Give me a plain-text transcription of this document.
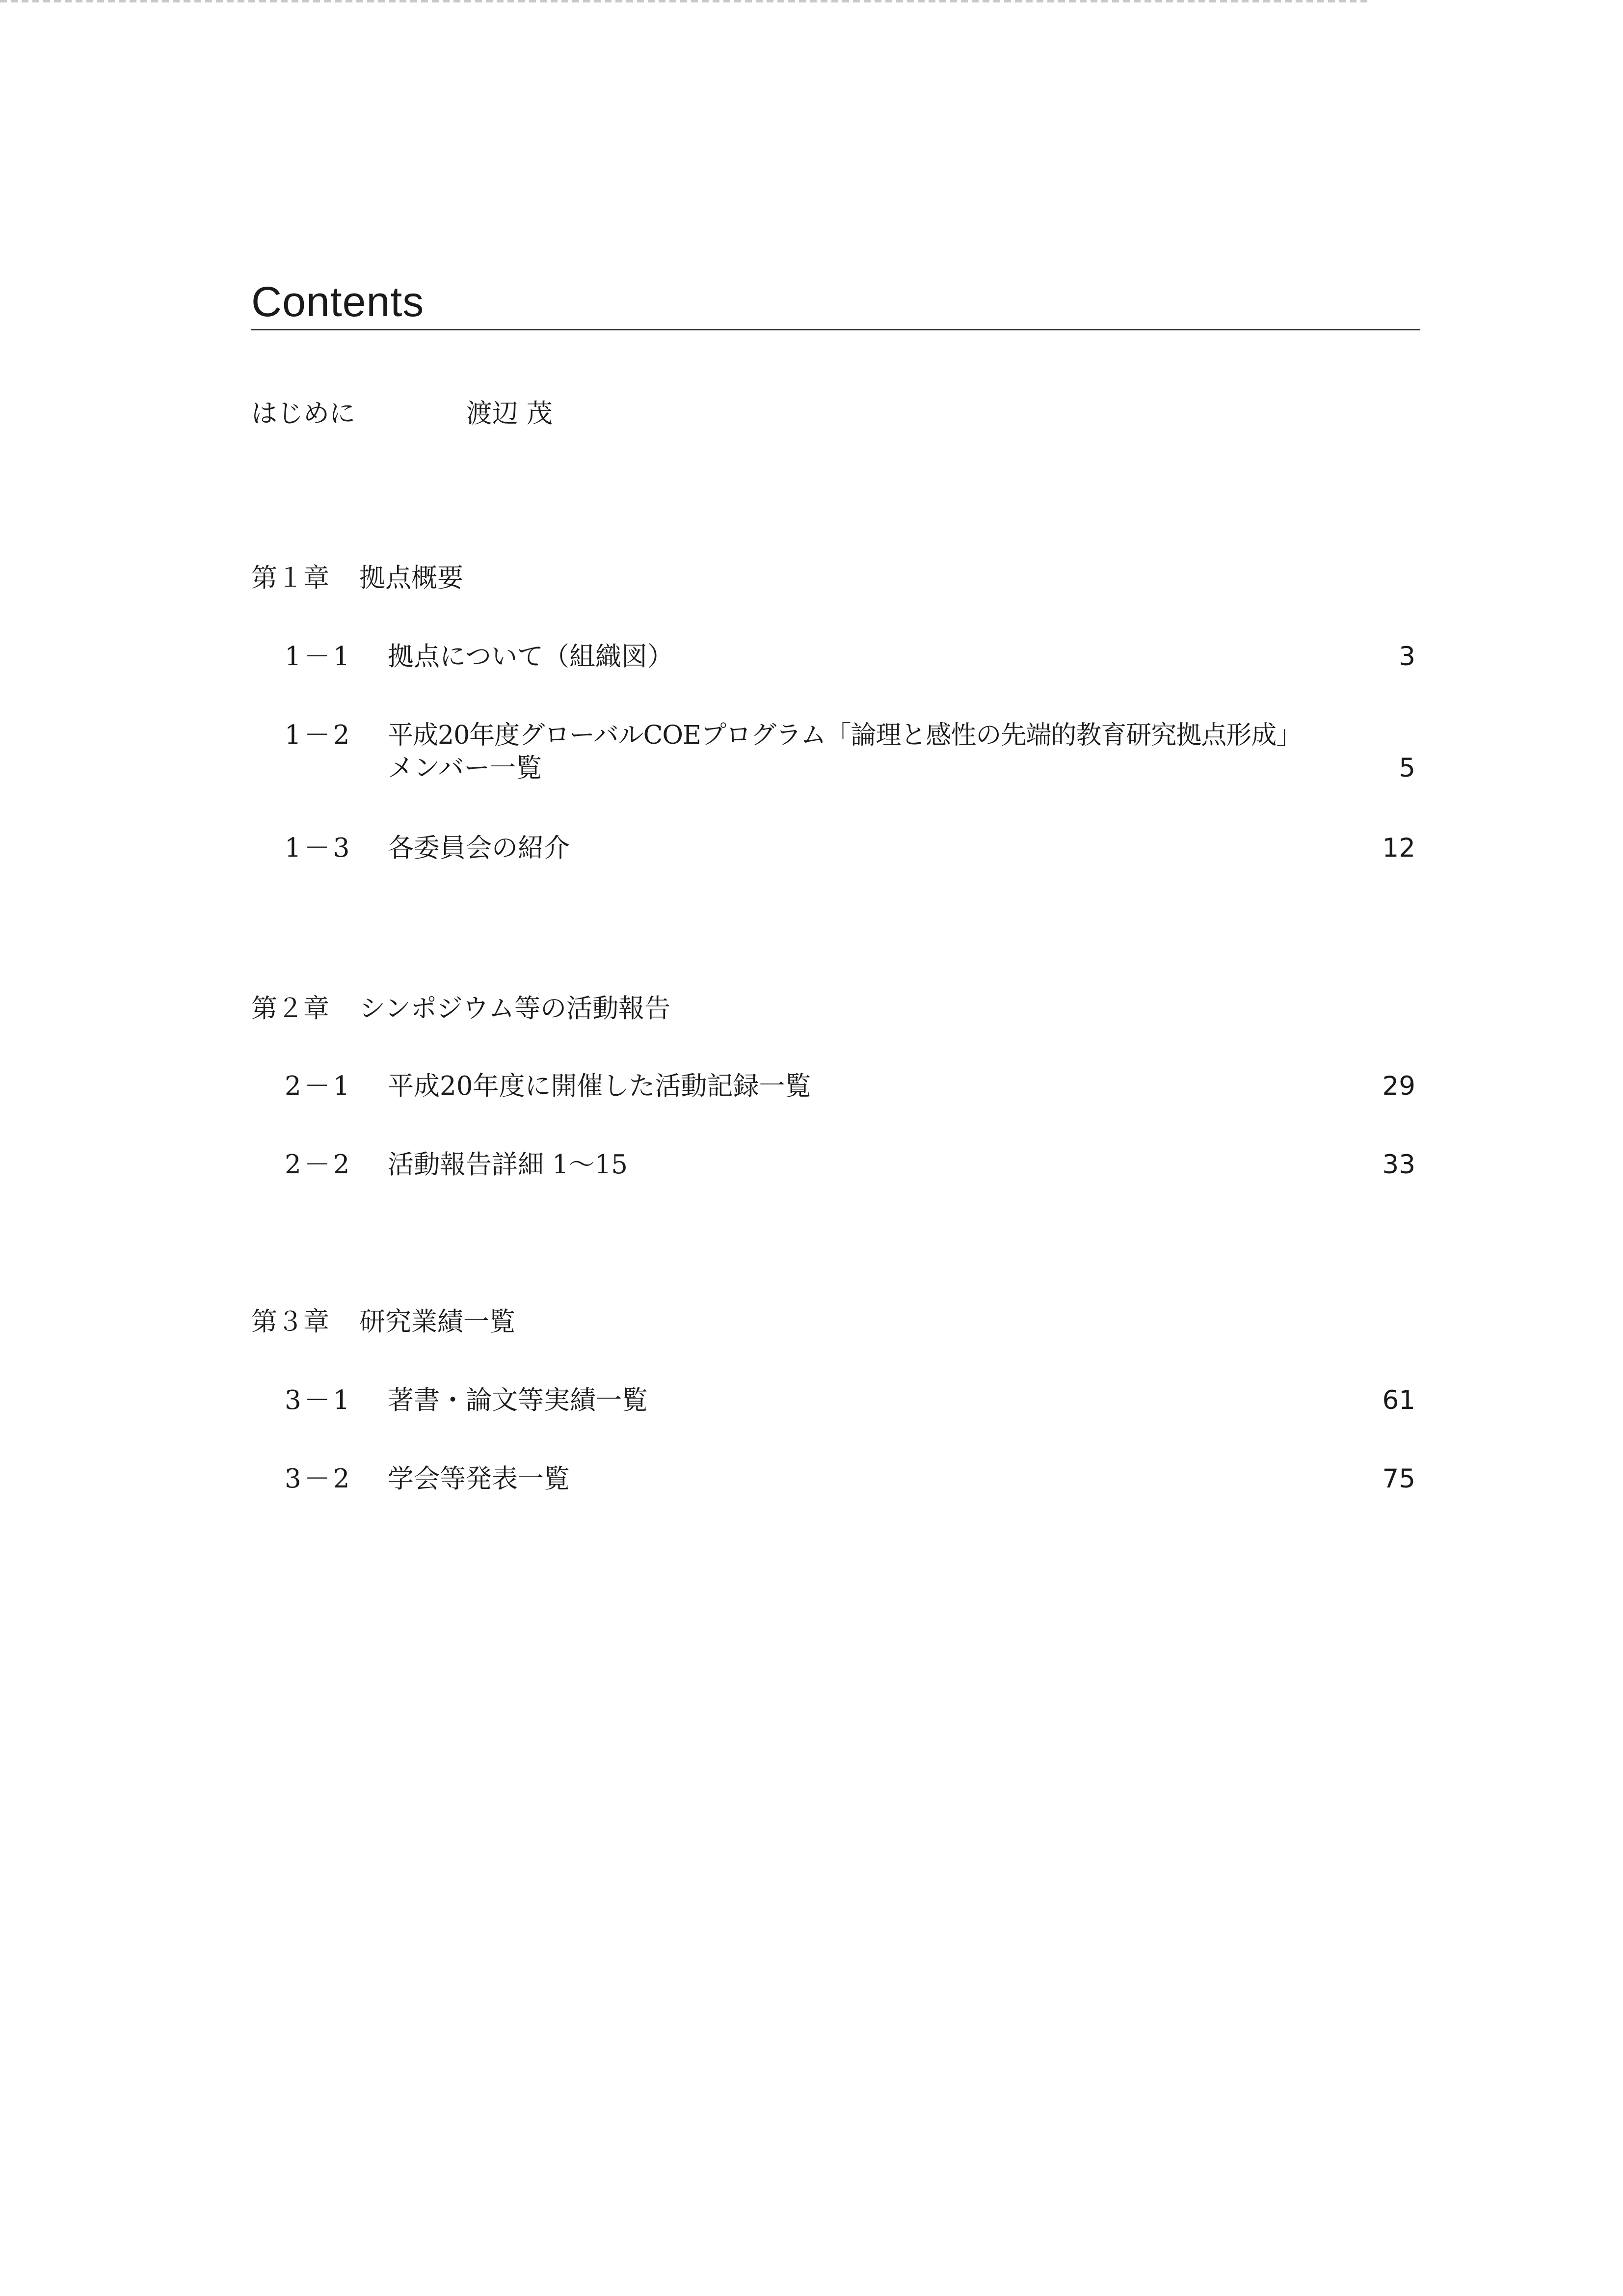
Contents
はじめに	渡辺 茂
第１章 拠点概要
1－1 拠点について（組織図）	3
1－2 平成20年度グローバルCOEプログラム「論理と感性の先端的教育研究拠点形成」
メンバー一覧	5
1－3 各委員会の紹介	12
第２章 シンポジウム等の活動報告
2－1 平成20年度に開催した活動記録一覧	29
2－2 活動報告詳細 1～15	33
第３章 研究業績一覧
3－1 著書・論文等実績一覧	61
3－2 学会等発表一覧	75
